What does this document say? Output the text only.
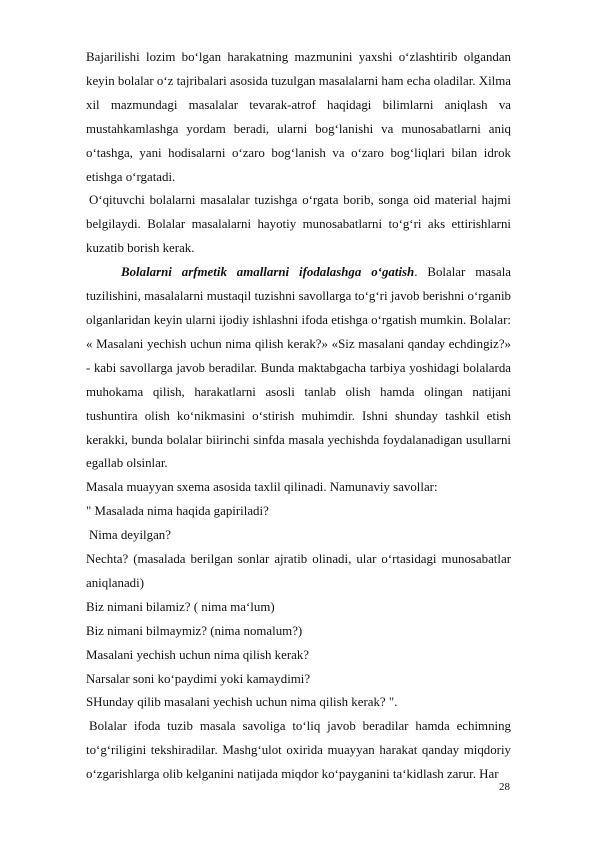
Bajarilishi lozim bo‘lgan harakatning mazmunini yaxshi o‘zlashtirib olgandan keyin bolalar o‘z tajribalari asosida tuzulgan masalalarni ham echa oladilar. Xilma xil mazmundagi masalalar tevarak-atrof haqidagi bilimlarni aniqlash va mustahkamlashga yordam beradi, ularni bog‘lanishi va munosabatlarni aniq o‘tashga, yani hodisalarni o‘zaro bog‘lanish va o‘zaro bog‘liqlari bilan idrok etishga o‘rgatadi.

O‘qituvchi bolalarni masalalar tuzishga o‘rgata borib, songa oid material hajmi belgilaydi. Bolalar masalalarni hayotiy munosabatlarni to‘g‘ri aks ettirishlarni kuzatib borish kerak.

Bolalarni arfmetik amallarni ifodalashga o‘gatish. Bolalar masala tuzilishini, masalalarni mustaqil tuzishni savollarga to‘g‘ri javob berishni o‘rganib olganlaridan keyin ularni ijodiy ishlashni ifoda etishga o‘rgatish mumkin. Bolalar: « Masalani yechish uchun nima qilish kerak?» «Siz masalani qanday echdingiz?» - kabi savollarga javob beradilar. Bunda maktabgacha tarbiya yoshidagi bolalarda muhokama qilish, harakatlarni asosli tanlab olish hamda olingan natijani tushuntira olish ko‘nikmasini o‘stirish muhimdir. Ishni shunday tashkil etish kerakki, bunda bolalar biirinchi sinfda masala yechishda foydalanadigan usullarni egallab olsinlar.

Masala muayyan sxema asosida taxlil qilinadi. Namunaviy savollar:

" Masalada nima haqida gapiriladi?

Nima deyilgan?

Nechta? (masalada berilgan sonlar ajratib olinadi, ular o‘rtasidagi munosabatlar aniqlanadi)

Biz nimani bilamiz? ( nima ma‘lum)

Biz nimani bilmaymiz? (nima nomalum?)

Masalani yechish uchun nima qilish kerak?

Narsalar soni ko‘paydimi yoki kamaydimi?

SHunday qilib masalani yechish uchun nima qilish kerak? ".

Bolalar ifoda tuzib masala savoliga to‘liq javob beradilar hamda echimning to‘g‘riligini tekshiradilar. Mashg‘ulot oxirida muayyan harakat qanday miqdoriy o‘zgarishlarga olib kelganini natijada miqdor ko‘payganini ta‘kidlash zarur. Har

28
